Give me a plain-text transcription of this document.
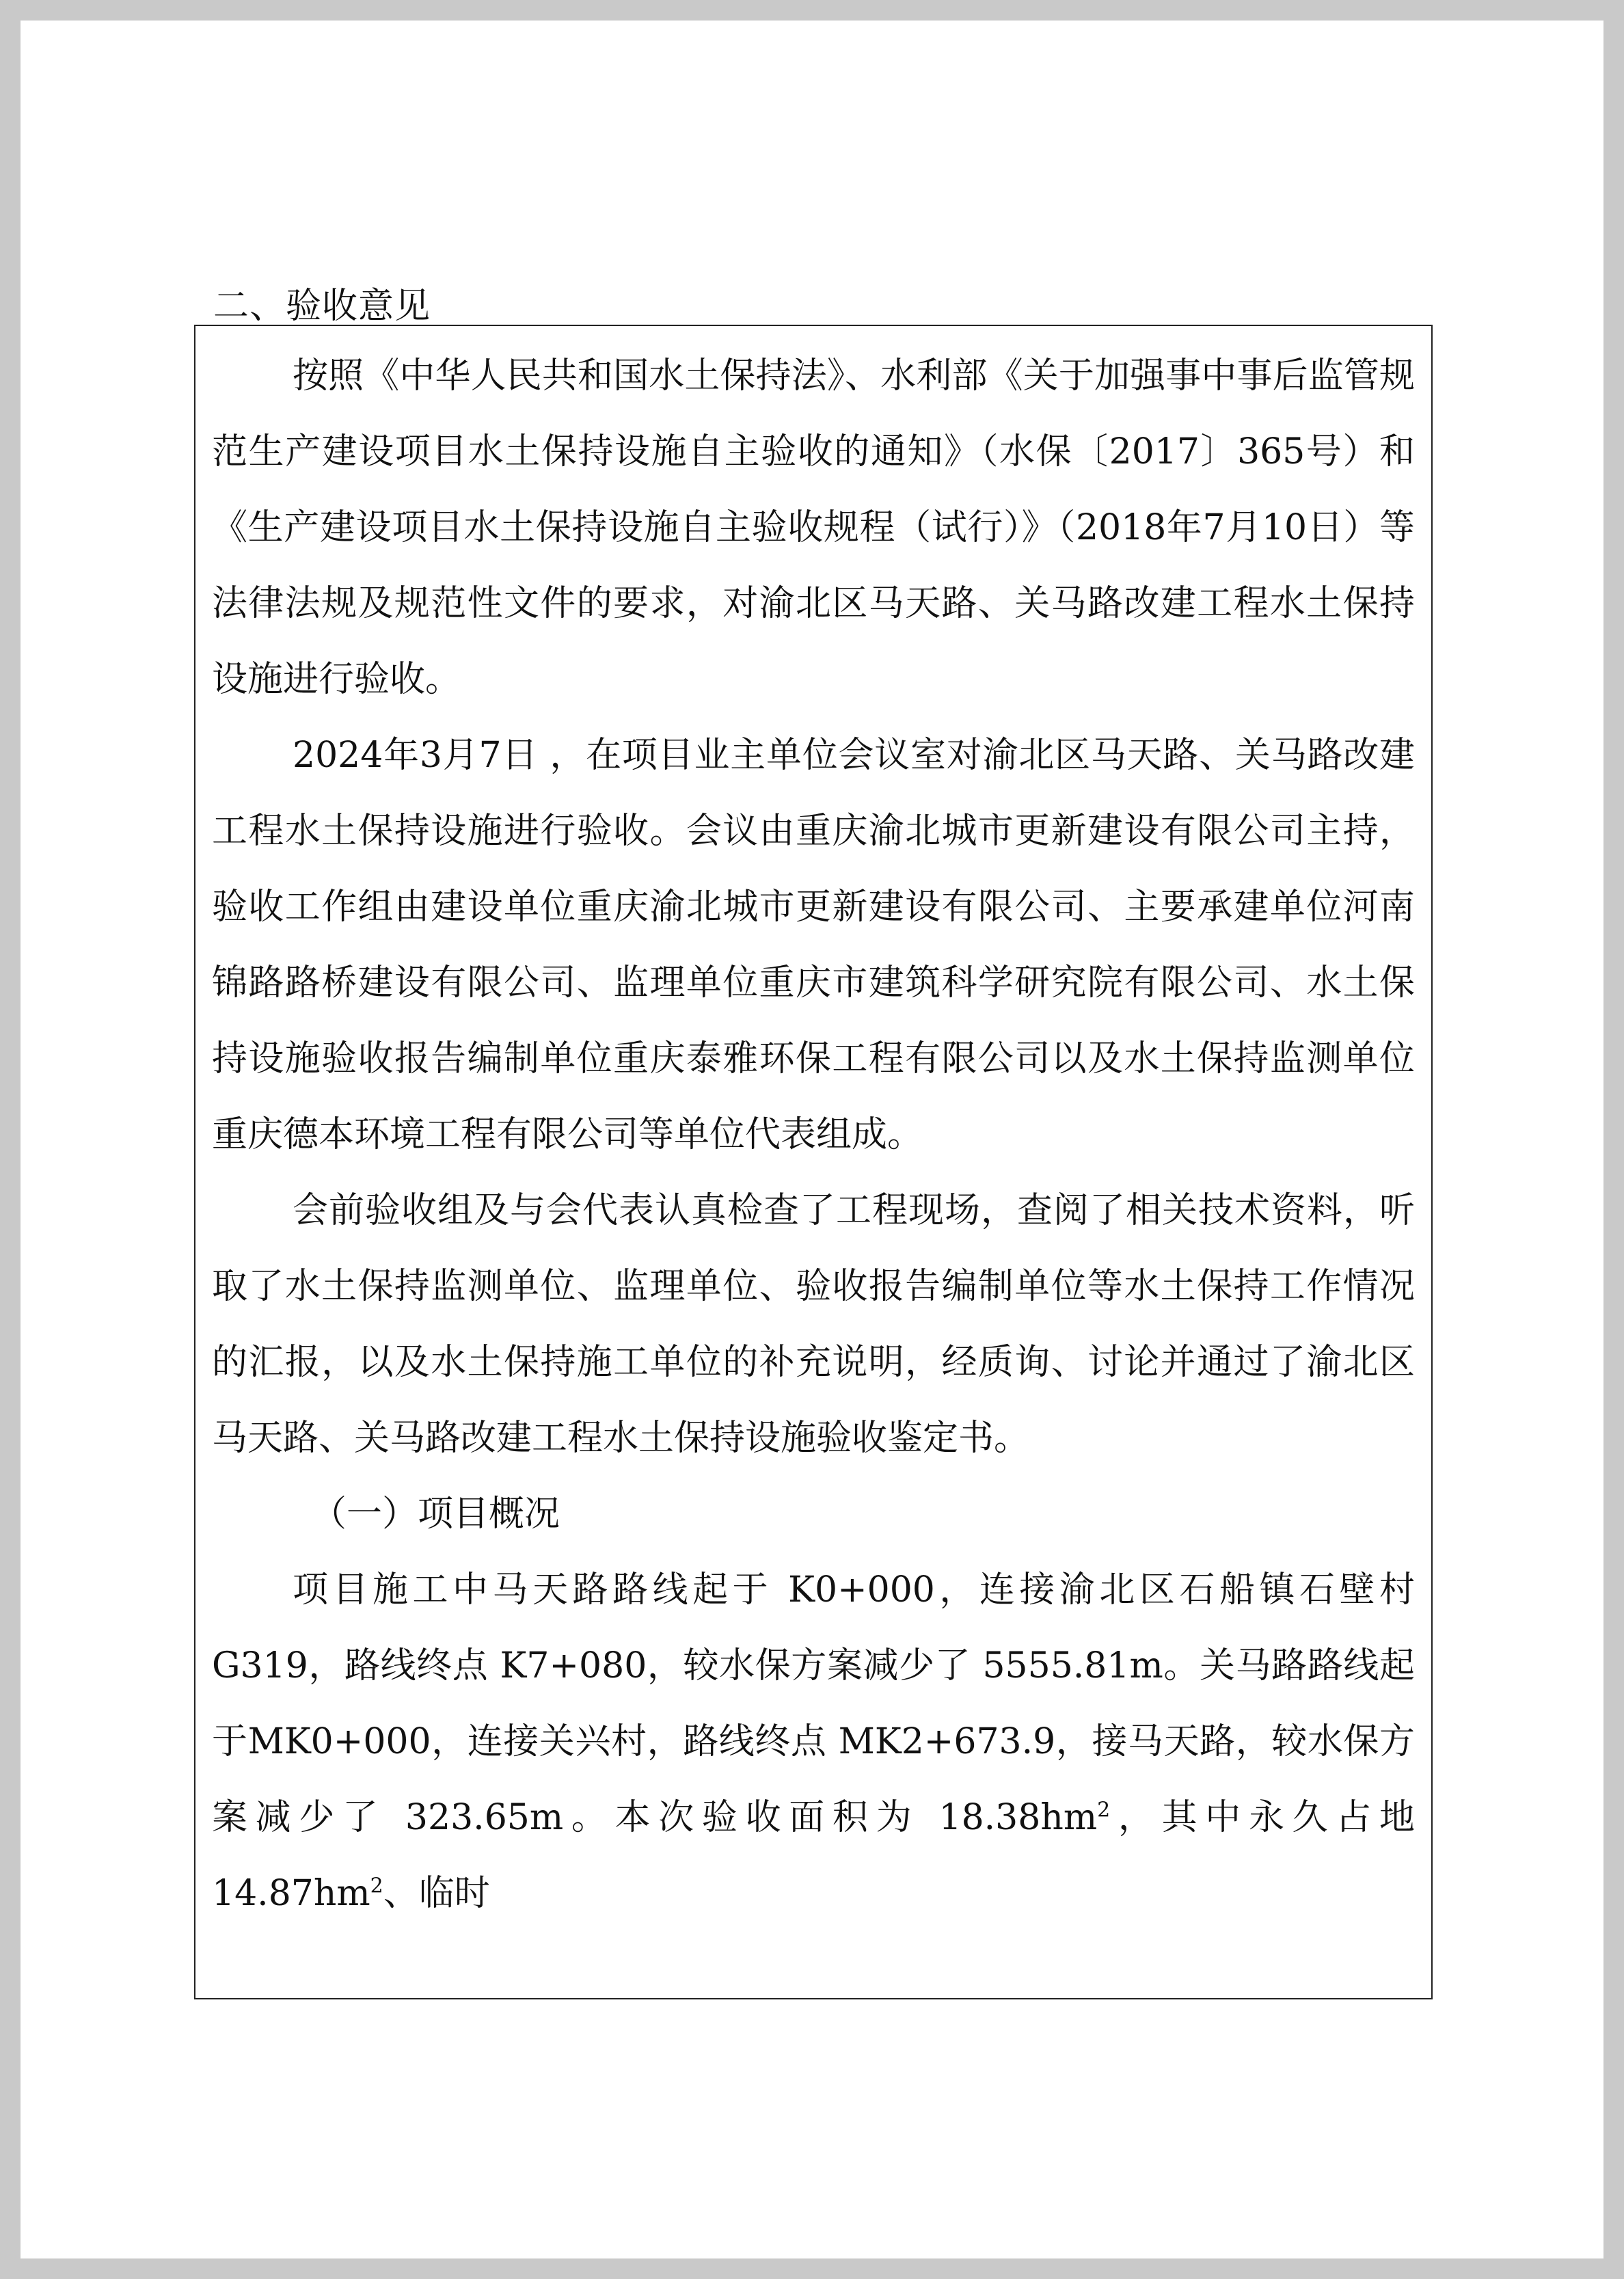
二、验收意见

按照《中华人民共和国水土保持法》、水利部《关于加强事中事后监管规范生产建设项目水土保持设施自主验收的通知》（水保〔2017〕365号）和《生产建设项目水土保持设施自主验收规程（试行）》（2018年7月10日）等法律法规及规范性文件的要求，对渝北区马天路、关马路改建工程水土保持设施进行验收。

2024年3月7日 ，在项目业主单位会议室对渝北区马天路、关马路改建工程水土保持设施进行验收。会议由重庆渝北城市更新建设有限公司主持，验收工作组由建设单位重庆渝北城市更新建设有限公司、主要承建单位河南锦路路桥建设有限公司、监理单位重庆市建筑科学研究院有限公司、水土保持设施验收报告编制单位重庆泰雅环保工程有限公司以及水土保持监测单位重庆德本环境工程有限公司等单位代表组成。

会前验收组及与会代表认真检查了工程现场，查阅了相关技术资料，听取了水土保持监测单位、监理单位、验收报告编制单位等水土保持工作情况的汇报，以及水土保持施工单位的补充说明，经质询、讨论并通过了渝北区马天路、关马路改建工程水土保持设施验收鉴定书。

（一）项目概况

项目施工中马天路路线起于 K0+000，连接渝北区石船镇石壁村G319，路线终点 K7+080，较水保方案减少了 5555.81m。关马路路线起于MK0+000，连接关兴村，路线终点 MK2+673.9，接马天路，较水保方案减少了 323.65m。本次验收面积为 $18.38hm^2$，其中永久占地 $14.87hm^2$、临时
